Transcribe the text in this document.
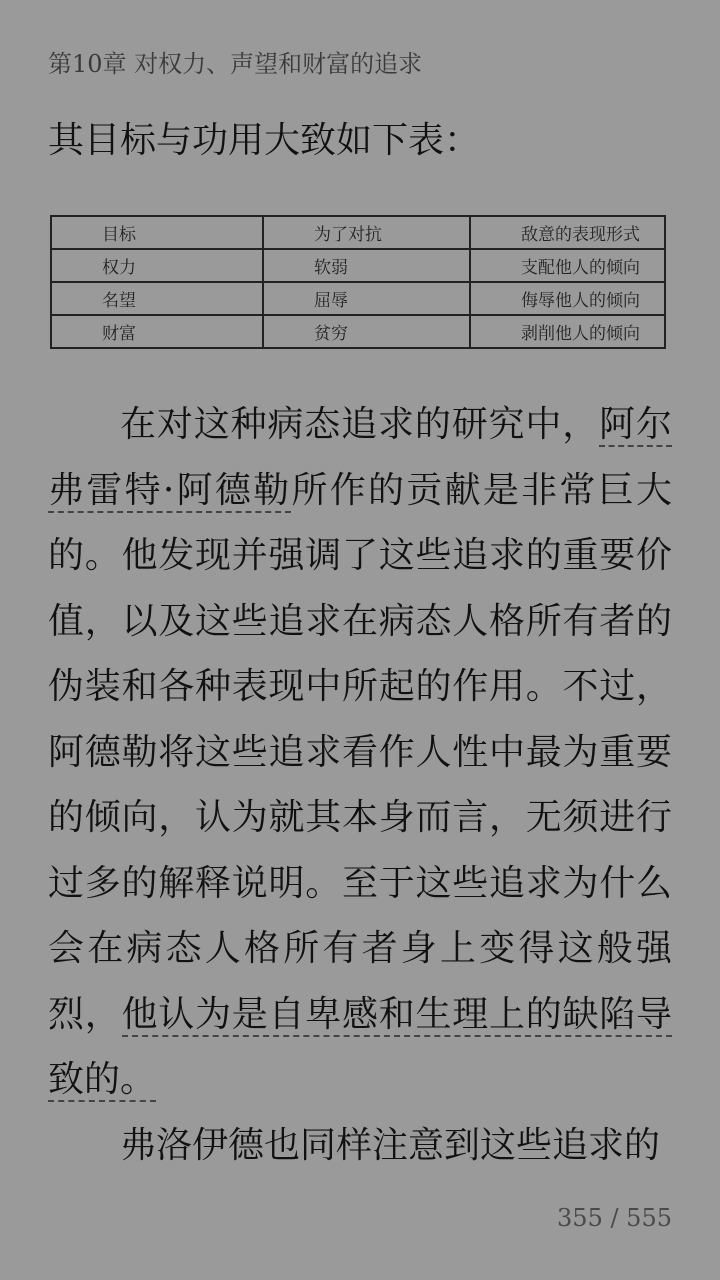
第10章 对权力、声望和财富的追求
其目标与功用大致如下表：
目标	为了对抗	敌意的表现形式
权力	软弱	支配他人的倾向
名望	屈辱	侮辱他人的倾向
财富	贫穷	剥削他人的倾向

在对这种病态追求的研究中，阿尔弗雷特·阿德勒所作的贡献是非常巨大的。他发现并强调了这些追求的重要价值，以及这些追求在病态人格所有者的伪装和各种表现中所起的作用。不过，阿德勒将这些追求看作人性中最为重要的倾向，认为就其本身而言，无须进行过多的解释说明。至于这些追求为什么会在病态人格所有者身上变得这般强烈，他认为是自卑感和生理上的缺陷导致的。

弗洛伊德也同样注意到这些追求的

355 / 555
